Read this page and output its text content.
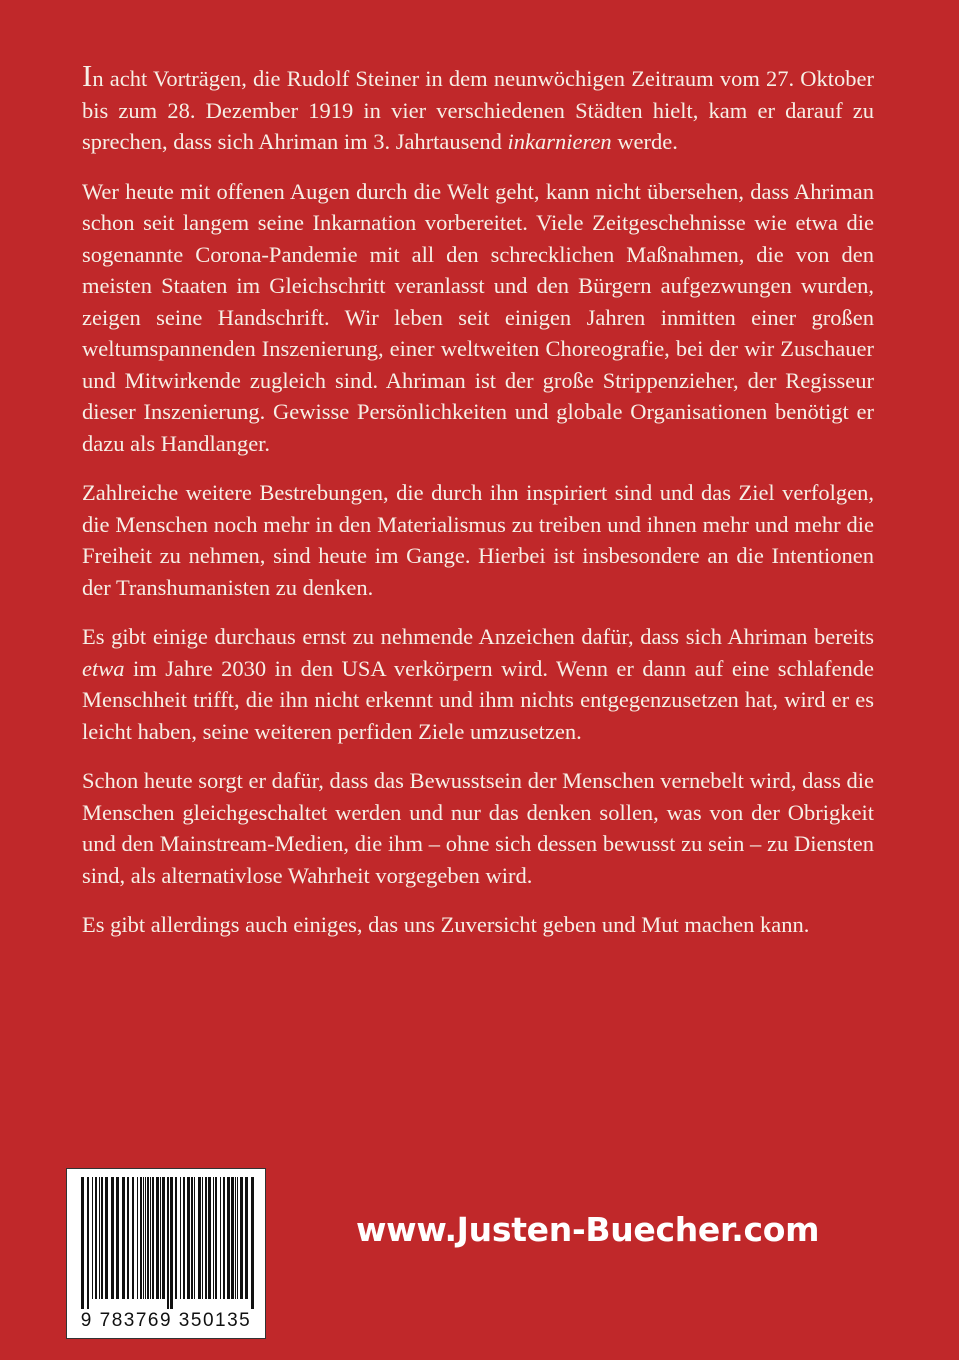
In acht Vorträgen, die Rudolf Steiner in dem neunwöchigen Zeitraum vom 27. Oktober bis zum 28. Dezember 1919 in vier verschiedenen Städten hielt, kam er darauf zu sprechen, dass sich Ahriman im 3. Jahrtausend inkarnieren werde.

Wer heute mit offenen Augen durch die Welt geht, kann nicht übersehen, dass Ahriman schon seit langem seine Inkarnation vorbereitet. Viele Zeitgeschehnisse wie etwa die sogenannte Corona-Pandemie mit all den schrecklichen Maßnahmen, die von den meisten Staaten im Gleichschritt veranlasst und den Bürgern aufgezwungen wurden, zeigen seine Handschrift. Wir leben seit einigen Jahren inmitten einer großen weltumspannenden Inszenierung, einer weltweiten Choreografie, bei der wir Zuschauer und Mitwirkende zugleich sind. Ahriman ist der große Strippenzieher, der Regisseur dieser Inszenierung. Gewisse Persönlichkeiten und globale Organisationen benötigt er dazu als Handlanger.

Zahlreiche weitere Bestrebungen, die durch ihn inspiriert sind und das Ziel verfolgen, die Menschen noch mehr in den Materialismus zu treiben und ihnen mehr und mehr die Freiheit zu nehmen, sind heute im Gange. Hierbei ist insbesondere an die Intentionen der Transhumanisten zu denken.

Es gibt einige durchaus ernst zu nehmende Anzeichen dafür, dass sich Ahriman bereits etwa im Jahre 2030 in den USA verkörpern wird. Wenn er dann auf eine schlafende Menschheit trifft, die ihn nicht erkennt und ihm nichts entgegenzusetzen hat, wird er es leicht haben, seine weiteren perfiden Ziele umzusetzen.

Schon heute sorgt er dafür, dass das Bewusstsein der Menschen vernebelt wird, dass die Menschen gleichgeschaltet werden und nur das denken sollen, was von der Obrigkeit und den Mainstream-Medien, die ihm – ohne sich dessen bewusst zu sein – zu Diensten sind, als alternativlose Wahrheit vorgegeben wird.

Es gibt allerdings auch einiges, das uns Zuversicht geben und Mut machen kann.

9 783769 350135
www.Justen-Buecher.com
